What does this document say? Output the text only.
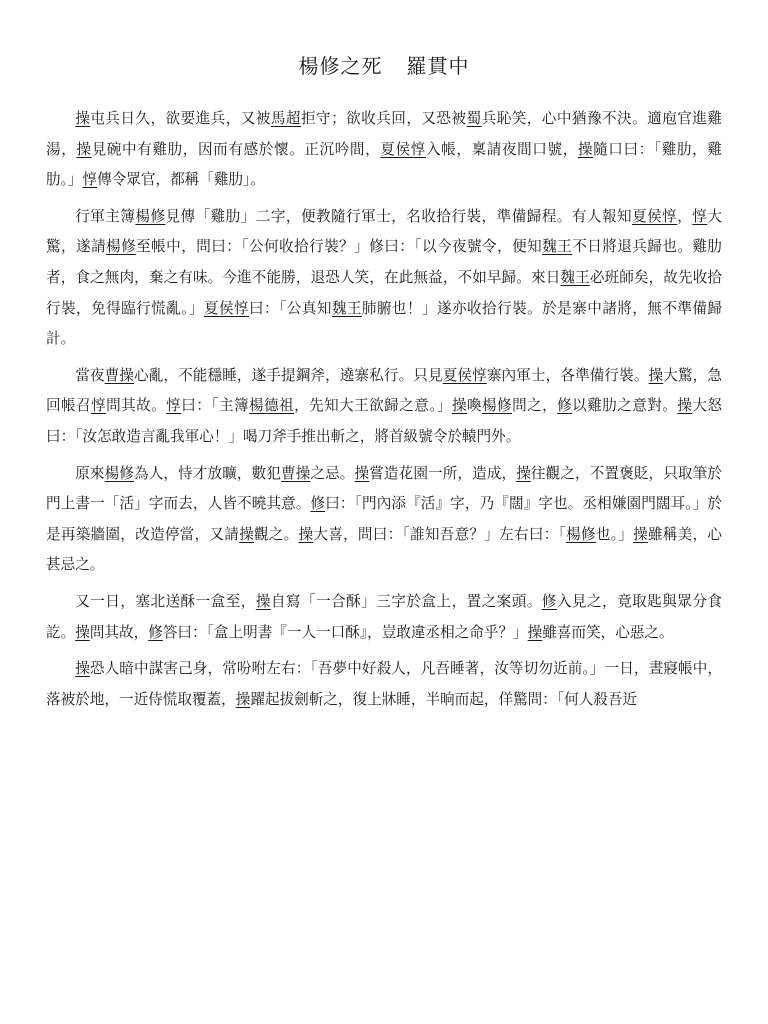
楊修之死 羅貫中

操屯兵日久，欲要進兵，又被馬超拒守；欲收兵回，又恐被蜀兵恥笑，心中猶豫不決。適庖官進雞湯，操見碗中有雞肋，因而有感於懷。正沉吟間，夏侯惇入帳，稟請夜間口號，操隨口曰：「雞肋，雞肋。」惇傳令眾官，都稱「雞肋」。

行軍主簿楊修見傳「雞肋」二字，便教隨行軍士，名收拾行裝，準備歸程。有人報知夏侯惇，惇大驚，遂請楊修至帳中，問曰：「公何收拾行裝？」修曰：「以今夜號令，便知魏王不日將退兵歸也。雞肋者，食之無肉，棄之有味。今進不能勝，退恐人笑，在此無益，不如早歸。來日魏王必班師矣，故先收拾行裝，免得臨行慌亂。」夏侯惇曰：「公真知魏王肺腑也！」遂亦收拾行裝。於是寨中諸將，無不準備歸計。

當夜曹操心亂，不能穩睡，遂手提鋼斧，遶寨私行。只見夏侯惇寨內軍士，各準備行裝。操大驚，急回帳召惇問其故。惇曰：「主簿楊德祖，先知大王欲歸之意。」操喚楊修問之，修以雞肋之意對。操大怒曰：「汝怎敢造言亂我軍心！」喝刀斧手推出斬之，將首級號令於轅門外。

原來楊修為人，恃才放曠，數犯曹操之忌。操嘗造花園一所，造成，操往觀之，不置褒貶，只取筆於門上書一「活」字而去，人皆不曉其意。修曰：「門內添『活』字，乃『闊』字也。丞相嫌園門闊耳。」於是再築牆圍，改造停當，又請操觀之。操大喜，問曰：「誰知吾意？」左右曰：「楊修也。」操雖稱美，心甚忌之。

又一日，塞北送酥一盒至，操自寫「一合酥」三字於盒上，置之案頭。修入見之，竟取匙與眾分食訖。操問其故，修答曰：「盒上明書『一人一口酥』，豈敢違丞相之命乎？」操雖喜而笑，心惡之。

操恐人暗中謀害己身，常吩咐左右：「吾夢中好殺人，凡吾睡著，汝等切勿近前。」一日，晝寢帳中，落被於地，一近侍慌取覆蓋，操躍起拔劍斬之，復上牀睡，半晌而起，佯驚問：「何人殺吾近
